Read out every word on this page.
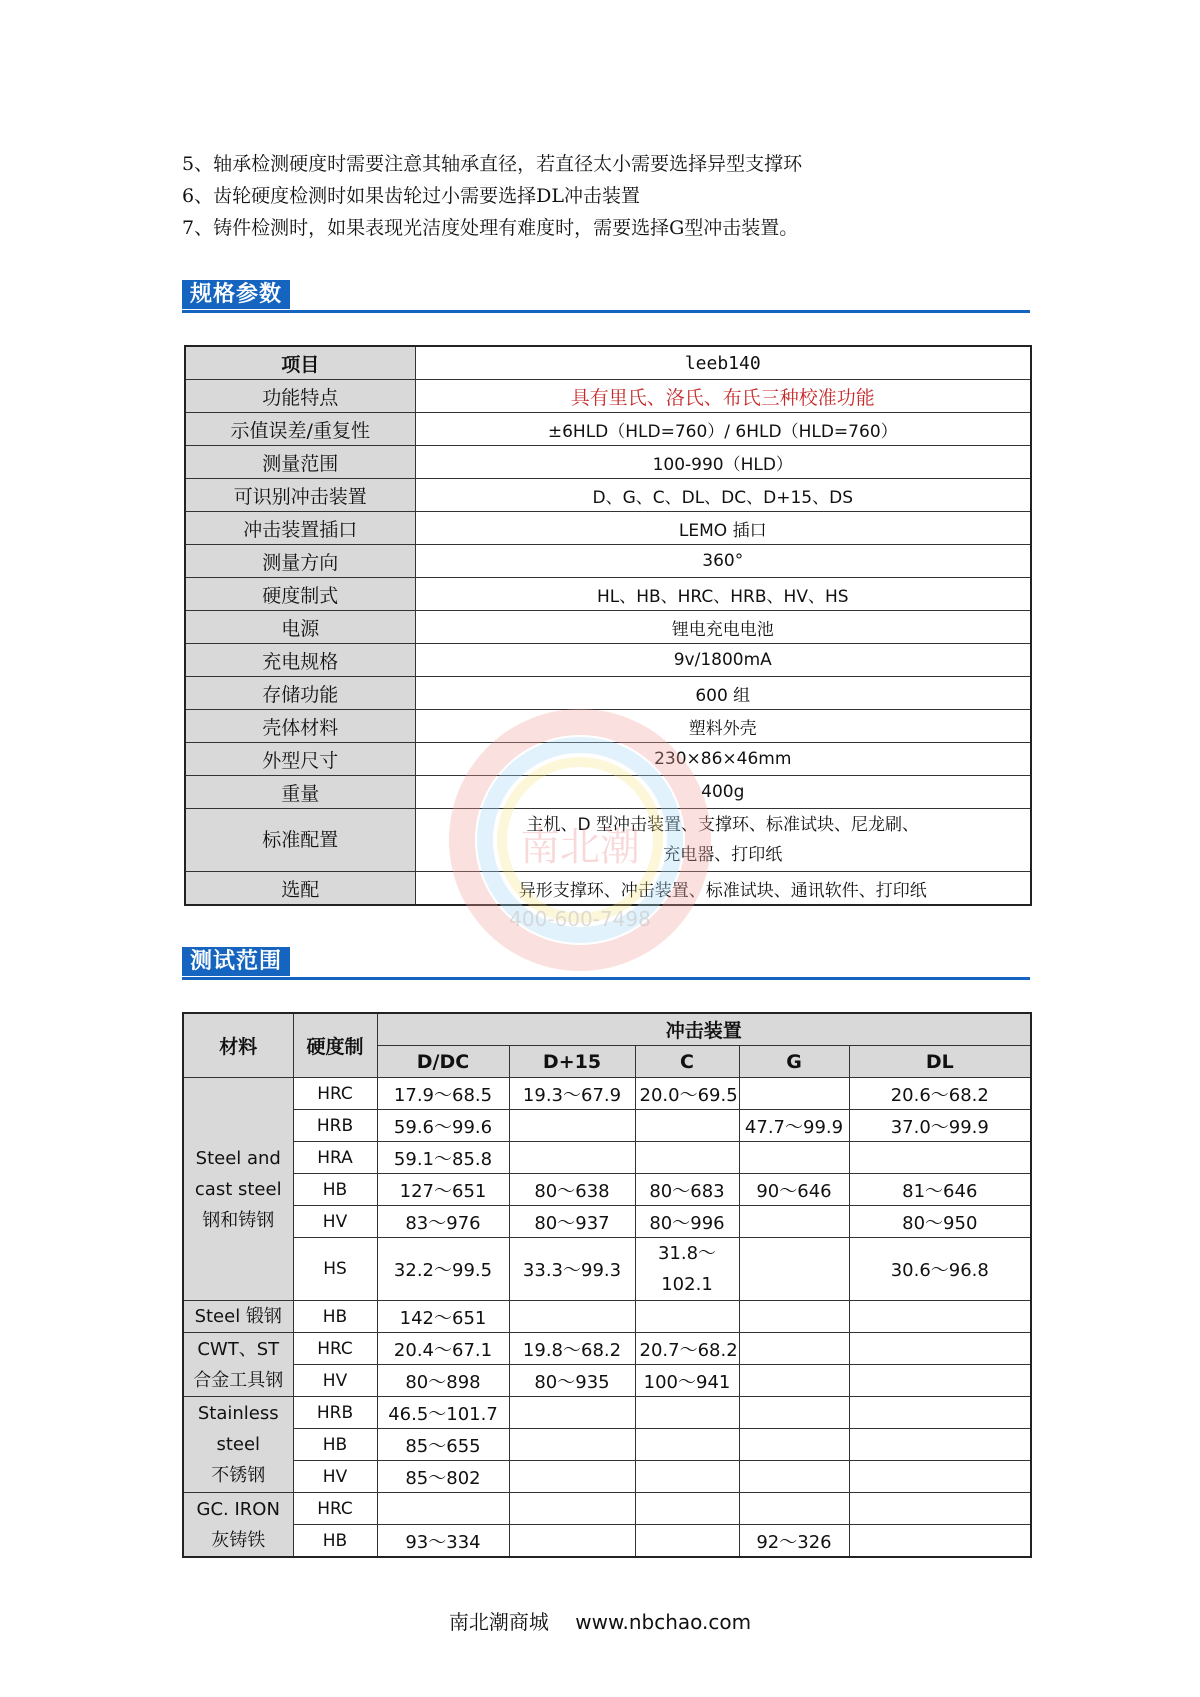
5、轴承检测硬度时需要注意其轴承直径，若直径太小需要选择异型支撑环
6、齿轮硬度检测时如果齿轮过小需要选择DL冲击装置
7、铸件检测时，如果表现光洁度处理有难度时，需要选择G型冲击装置。
规格参数
项目	leeb140
功能特点	具有里氏、洛氏、布氏三种校准功能
示值误差/重复性	±6HLD（HLD=760）/ 6HLD（HLD=760）
测量范围	100-990（HLD）
可识别冲击装置	D、G、C、DL、DC、D+15、DS
冲击装置插口	LEMO 插口
测量方向	360°
硬度制式	HL、HB、HRC、HRB、HV、HS
电源	锂电充电电池
充电规格	9v/1800mA
存储功能	600 组
壳体材料	塑料外壳
外型尺寸	230×86×46mm
重量	400g
标准配置	主机、D 型冲击装置、支撑环、标准试块、尼龙刷、
充电器、打印纸

选配	异形支撑环、冲击装置、标准试块、通讯软件、打印纸
南北潮
400-600-7498
测试范围
材料	硬度制	冲击装置				
		D/DC	D+15	C	G	DL

Steel and
cast steel
钢和铸钢	HRC	17.9～68.5	19.3～67.9	20.0～69.5		20.6～68.2
	HRB	59.6～99.6			47.7～99.9	37.0～99.9
	HRA	59.1～85.8				
	HB	127～651	80～638	80～683	90～646	81～646
	HV	83～976	80～937	80～996		80～950
	HS	32.2～99.5	33.3～99.3	31.8～
102.1		30.6～96.8

Steel 锻钢	HB	142～651				

CWT、ST
合金工具钢	HRC	20.4～67.1	19.8～68.2	20.7～68.2		
	HV	80～898	80～935	100～941		

Stainless
steel
不锈钢	HRB	46.5～101.7				
	HB	85～655				
	HV	85～802				

GC. IRON
灰铸铁	HRC					
	HB	93～334			92～326	
南北潮商城 www.nbchao.com
